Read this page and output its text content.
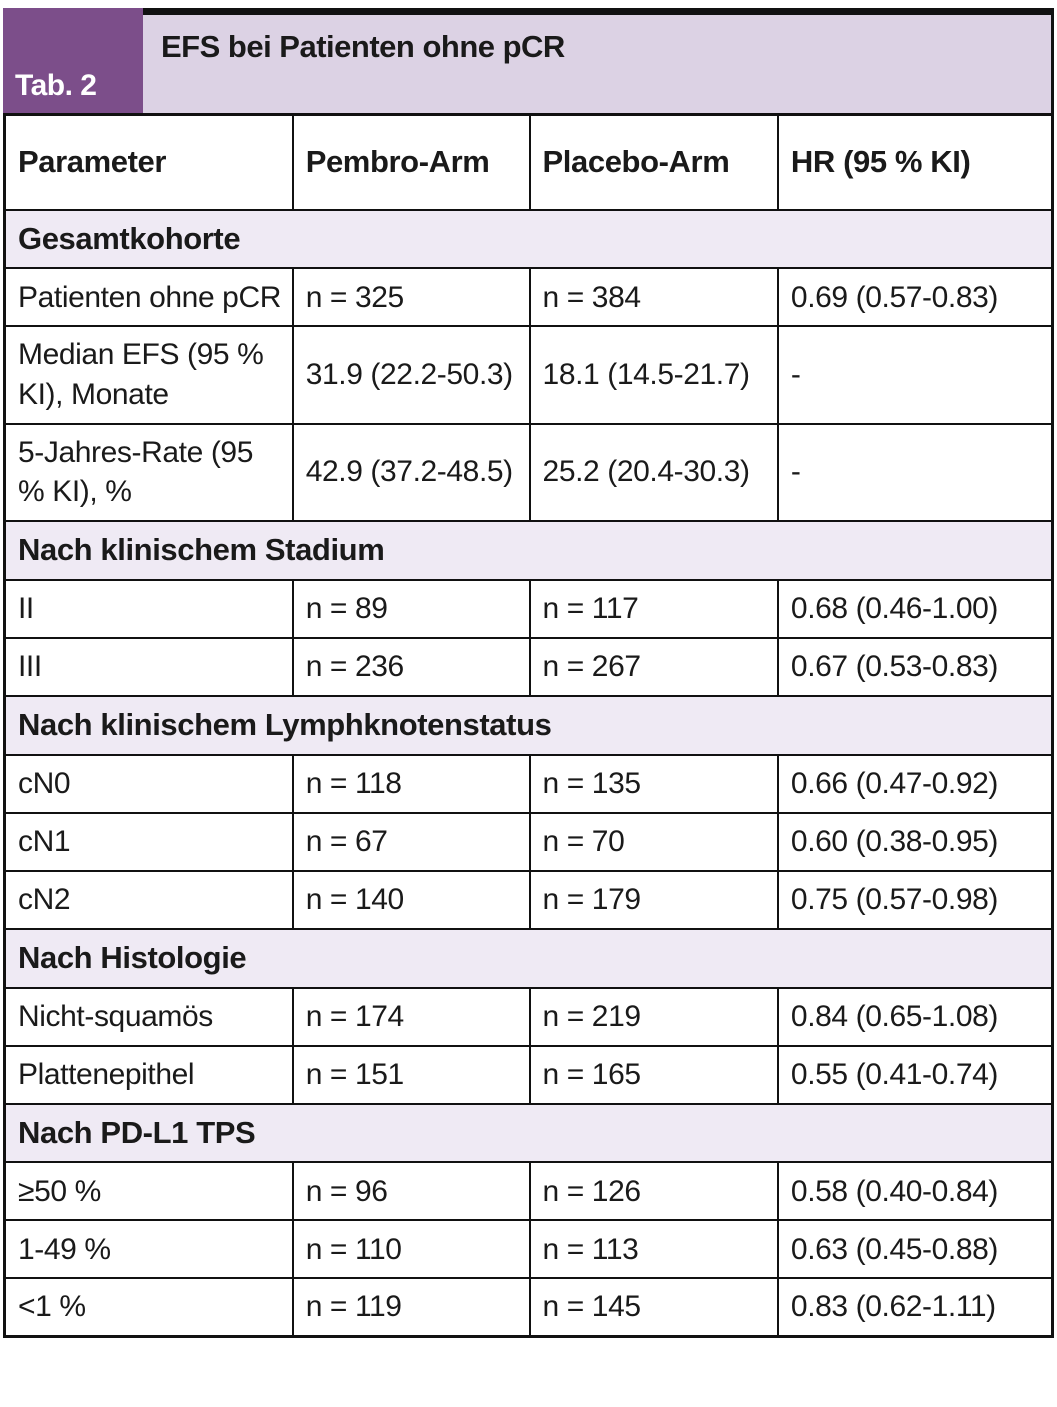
Tab. 2
EFS bei Patienten ohne pCR
Parameter	Pembro-Arm	Placebo-Arm	HR (95 % KI)
Gesamtkohorte			
Patienten ohne pCR	n = 325	n = 384	0.69 (0.57-0.83)
Median EFS (95 % KI), Monate	31.9 (22.2-50.3)	18.1 (14.5-21.7)	-
5-Jahres-Rate (95 % KI), %	42.9 (37.2-48.5)	25.2 (20.4-30.3)	-
Nach klinischem Stadium			
II	n = 89	n = 117	0.68 (0.46-1.00)
III	n = 236	n = 267	0.67 (0.53-0.83)
Nach klinischem Lymphknotenstatus			
cN0	n = 118	n = 135	0.66 (0.47-0.92)
cN1	n = 67	n = 70	0.60 (0.38-0.95)
cN2	n = 140	n = 179	0.75 (0.57-0.98)
Nach Histologie			
Nicht-squamös	n = 174	n = 219	0.84 (0.65-1.08)
Plattenepithel	n = 151	n = 165	0.55 (0.41-0.74)
Nach PD-L1 TPS			
≥50 %	n = 96	n = 126	0.58 (0.40-0.84)
1-49 %	n = 110	n = 113	0.63 (0.45-0.88)
<1 %	n = 119	n = 145	0.83 (0.62-1.11)
